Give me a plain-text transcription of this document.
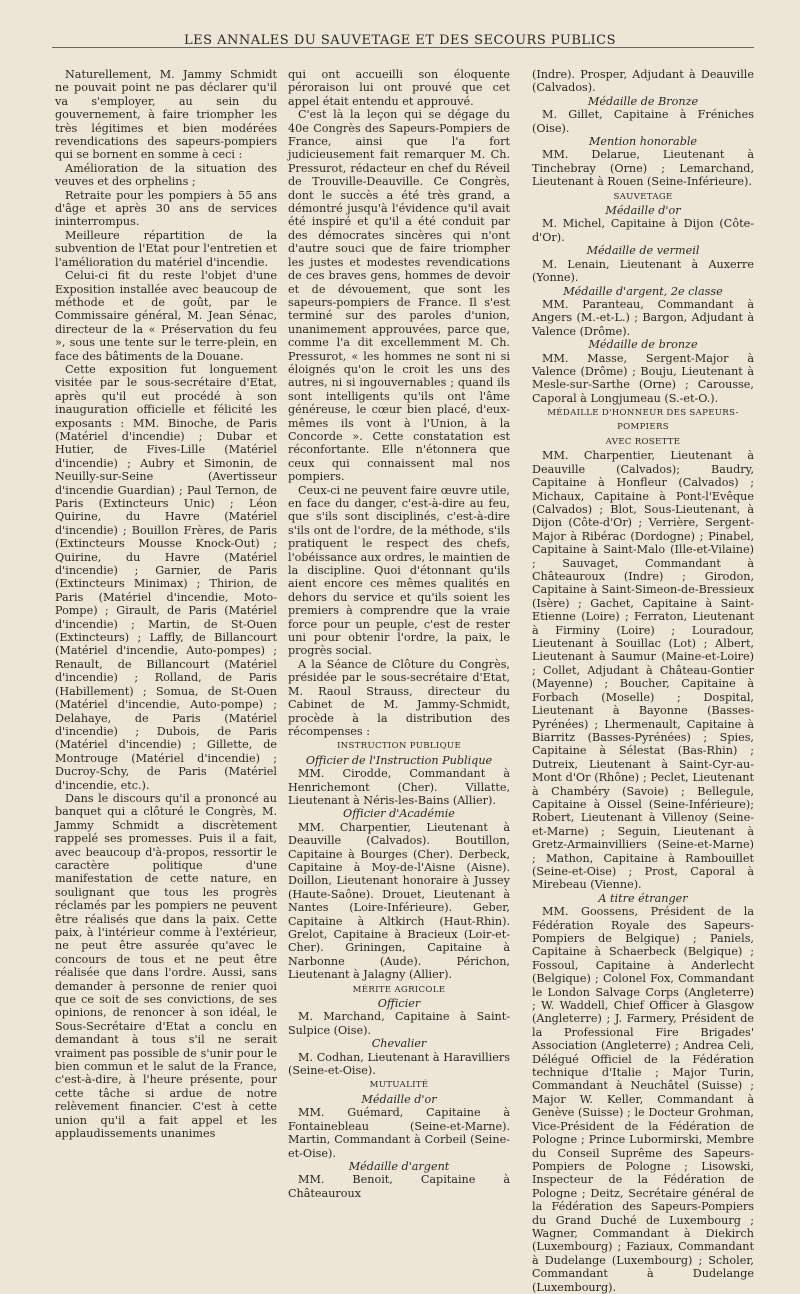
LES ANNALES DU SAUVETAGE ET DES SECOURS PUBLICS

Naturellement, M. Jammy Schmidt ne pouvait point ne pas déclarer qu'il va s'employer, au sein du gouvernement, à faire triompher les très légitimes et bien modérées revendications des sapeurs-pompiers qui se bornent en somme à ceci :

Amélioration de la situation des veuves et des orphelins ;

Retraite pour les pompiers à 55 ans d'âge et après 30 ans de services ininterrompus.

Meilleure répartition de la subvention de l'Etat pour l'entretien et l'amélioration du matériel d'incendie.

Celui-ci fit du reste l'objet d'une Exposition installée avec beaucoup de méthode et de goût, par le Commissaire général, M. Jean Sénac, directeur de la « Préservation du feu », sous une tente sur le terre-plein, en face des bâtiments de la Douane.

Cette exposition fut longuement visitée par le sous-secrétaire d'Etat, après qu'il eut procédé à son inauguration officielle et félicité les exposants : MM. Binoche, de Paris (Matériel d'incendie) ; Dubar et Hutier, de Fives-Lille (Matériel d'incendie) ; Aubry et Simonin, de Neuilly-sur-Seine (Avertisseur d'incendie Guardian) ; Paul Ternon, de Paris (Extincteurs Unic) ; Léon Quirine, du Havre (Matériel d'incendie) ; Bouillon Frères, de Paris (Extincteurs Mousse Knock-Out) ; Quirine, du Havre (Matériel d'incendie) ; Garnier, de Paris (Extincteurs Minimax) ; Thirion, de Paris (Matériel d'incendie, Moto-Pompe) ; Girault, de Paris (Matériel d'incendie) ; Martin, de St-Ouen (Extincteurs) ; Laffly, de Billancourt (Matériel d'incendie, Auto-pompes) ; Renault, de Billancourt (Matériel d'incendie) ; Rolland, de Paris (Habillement) ; Somua, de St-Ouen (Matériel d'incendie, Auto-pompe) ; Delahaye, de Paris (Matériel d'incendie) ; Dubois, de Paris (Matériel d'incendie) ; Gillette, de Montrouge (Matériel d'incendie) ; Ducroy-Schy, de Paris (Matériel d'incendie, etc.).

Dans le discours qu'il a prononcé au banquet qui a clôturé le Congrès, M. Jammy Schmidt a discrètement rappelé ses promesses. Puis il a fait, avec beaucoup d'à-propos, ressortir le caractère politique d'une manifestation de cette nature, en soulignant que tous les progrès réclamés par les pompiers ne peuvent être réalisés que dans la paix. Cette paix, à l'intérieur comme à l'extérieur, ne peut être assurée qu'avec le concours de tous et ne peut être réalisée que dans l'ordre. Aussi, sans demander à personne de renier quoi que ce soit de ses convictions, de ses opinions, de renoncer à son idéal, le Sous-Secrétaire d'Etat a conclu en demandant à tous s'il ne serait vraiment pas possible de s'unir pour le bien commun et le salut de la France, c'est-à-dire, à l'heure présente, pour cette tâche si ardue de notre relèvement financier. C'est à cette union qu'il a fait appel et les applaudissements unanimes

qui ont accueilli son éloquente péroraison lui ont prouvé que cet appel était entendu et approuvé.

C'est là la leçon qui se dégage du 40e Congrès des Sapeurs-Pompiers de France, ainsi que l'a fort judicieusement fait remarquer M. Ch. Pressurot, rédacteur en chef du Réveil de Trouville-Deauville. Ce Congrès, dont le succès a été très grand, a démontré jusqu'à l'évidence qu'il avait été inspiré et qu'il a été conduit par des démocrates sincères qui n'ont d'autre souci que de faire triompher les justes et modestes revendications de ces braves gens, hommes de devoir et de dévouement, que sont les sapeurs-pompiers de France. Il s'est terminé sur des paroles d'union, unanimement approuvées, parce que, comme l'a dit excellemment M. Ch. Pressurot, « les hommes ne sont ni si éloignés qu'on le croit les uns des autres, ni si ingouvernables ; quand ils sont intelligents qu'ils ont l'âme généreuse, le cœur bien placé, d'eux-mêmes ils vont à l'Union, à la Concorde ». Cette constatation est réconfortante. Elle n'étonnera que ceux qui connaissent mal nos pompiers.

Ceux-ci ne peuvent faire œuvre utile, en face du danger, c'est-à-dire au feu, que s'ils sont disciplinés, c'est-à-dire s'ils ont de l'ordre, de la méthode, s'ils pratiquent le respect des chefs, l'obéissance aux ordres, le maintien de la discipline. Quoi d'étonnant qu'ils aient encore ces mêmes qualités en dehors du service et qu'ils soient les premiers à comprendre que la vraie force pour un peuple, c'est de rester uni pour obtenir l'ordre, la paix, le progrès social.

A la Séance de Clôture du Congrès, présidée par le sous-secrétaire d'Etat, M. Raoul Strauss, directeur du Cabinet de M. Jammy-Schmidt, procède à la distribution des récompenses :

INSTRUCTION PUBLIQUE

Officier de l'Instruction Publique

MM. Cirodde, Commandant à Henrichemont (Cher). Villatte, Lieutenant à Néris-les-Bains (Allier).

Officier d'Académie

MM. Charpentier, Lieutenant à Deauville (Calvados). Boutillon, Capitaine à Bourges (Cher). Derbeck, Capitaine à Moy-de-l'Aisne (Aisne). Doillon, Lieutenant honoraire à Jussey (Haute-Saône). Drouet, Lieutenant à Nantes (Loire-Inférieure). Geber, Capitaine à Altkirch (Haut-Rhin). Grelot, Capitaine à Bracieux (Loir-et-Cher). Griningen, Capitaine à Narbonne (Aude). Périchon, Lieutenant à Jalagny (Allier).

MÉRITE AGRICOLE

Officier

M. Marchand, Capitaine à Saint-Sulpice (Oise).

Chevalier

M. Codhan, Lieutenant à Haravilliers (Seine-et-Oise).

MUTUALITÉ

Médaille d'or

MM. Guémard, Capitaine à Fontainebleau (Seine-et-Marne). Martin, Commandant à Corbeil (Seine-et-Oise).

Médaille d'argent

MM. Benoit, Capitaine à Châteauroux

(Indre). Prosper, Adjudant à Deauville (Calvados).

Médaille de Bronze

M. Gillet, Capitaine à Fréniches (Oise).

Mention honorable

MM. Delarue, Lieutenant à Tinchebray (Orne) ; Lemarchand, Lieutenant à Rouen (Seine-Inférieure).

SAUVETAGE

Médaille d'or

M. Michel, Capitaine à Dijon (Côte-d'Or).

Médaille de vermeil

M. Lenain, Lieutenant à Auxerre (Yonne).

Médaille d'argent, 2e classe

MM. Paranteau, Commandant à Angers (M.-et-L.) ; Bargon, Adjudant à Valence (Drôme).

Médaille de bronze

MM. Masse, Sergent-Major à Valence (Drôme) ; Bouju, Lieutenant à Mesle-sur-Sarthe (Orne) ; Carousse, Caporal à Longjumeau (S.-et-O.).

MÉDAILLE D'HONNEUR DES SAPEURS-POMPIERS

AVEC ROSETTE

MM. Charpentier, Lieutenant à Deauville (Calvados); Baudry, Capitaine à Honfleur (Calvados) ; Michaux, Capitaine à Pont-l'Evêque (Calvados) ; Blot, Sous-Lieutenant, à Dijon (Côte-d'Or) ; Verrière, Sergent-Major à Ribérac (Dordogne) ; Pinabel, Capitaine à Saint-Malo (Ille-et-Vilaine) ; Sauvaget, Commandant à Châteauroux (Indre) ; Girodon, Capitaine à Saint-Simeon-de-Bressieux (Isère) ; Gachet, Capitaine à Saint-Etienne (Loire) ; Ferraton, Lieutenant à Firminy (Loire) ; Louradour, Lieutenant à Souillac (Lot) ; Albert, Lieutenant à Saumur (Maine-et-Loire) ; Collet, Adjudant à Château-Gontier (Mayenne) ; Boucher, Capitaine à Forbach (Moselle) ; Dospital, Lieutenant à Bayonne (Basses-Pyrénées) ; Lhermenault, Capitaine à Biarritz (Basses-Pyrénées) ; Spies, Capitaine à Sélestat (Bas-Rhin) ; Dutreix, Lieutenant à Saint-Cyr-au-Mont d'Or (Rhône) ; Peclet, Lieutenant à Chambéry (Savoie) ; Bellegule, Capitaine à Oissel (Seine-Inférieure); Robert, Lieutenant à Villenoy (Seine-et-Marne) ; Seguin, Lieutenant à Gretz-Armainvilliers (Seine-et-Marne) ; Mathon, Capitaine à Rambouillet (Seine-et-Oise) ; Prost, Caporal à Mirebeau (Vienne).

A titre étranger

MM. Goossens, Président de la Fédération Royale des Sapeurs-Pompiers de Belgique) ; Paniels, Capitaine à Schaerbeck (Belgique) ; Fossoul, Capitaine à Anderlecht (Belgique) ; Colonel Fox, Commandant le London Salvage Corps (Angleterre) ; W. Waddell, Chief Officer à Glasgow (Angleterre) ; J. Farmery, Président de la Professional Fire Brigades' Association (Angleterre) ; Andrea Celi, Délégué Officiel de la Fédération technique d'Italie ; Major Turin, Commandant à Neuchâtel (Suisse) ; Major W. Keller, Commandant à Genève (Suisse) ; le Docteur Grohman, Vice-Président de la Fédération de Pologne ; Prince Lubormirski, Membre du Conseil Suprême des Sapeurs-Pompiers de Pologne ; Lisowski, Inspecteur de la Fédération de Pologne ; Deitz, Secrétaire général de la Fédération des Sapeurs-Pompiers du Grand Duché de Luxembourg ; Wagner, Commandant à Diekirch (Luxembourg) ; Faziaux, Commandant à Dudelange (Luxembourg) ; Scholer, Commandant à Dudelange (Luxembourg).
